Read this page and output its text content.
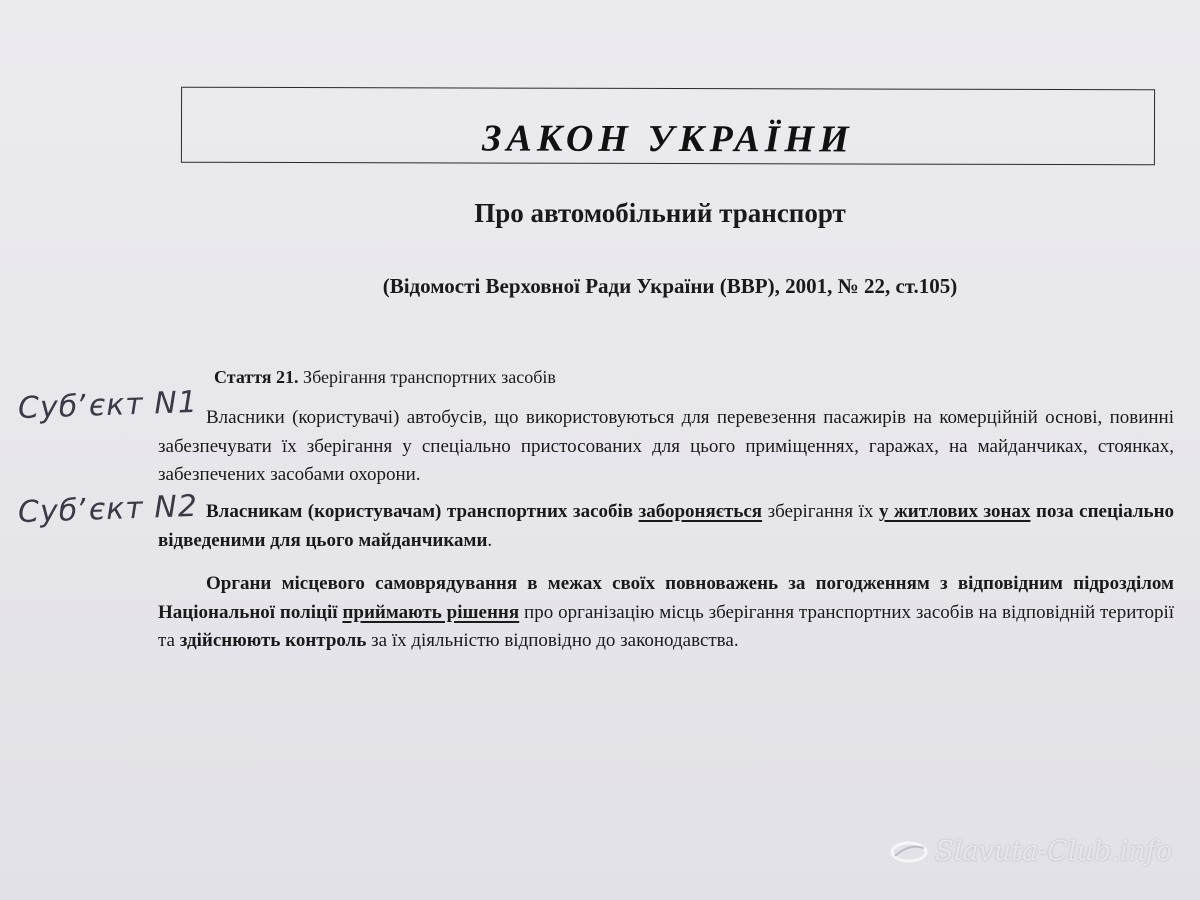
ЗАКОН УКРАЇНИ
Про автомобільний транспорт
(Відомості Верховної Ради України (ВВР), 2001, № 22, ст.105)
Стаття 21. Зберігання транспортних засобів

Власники (користувачі) автобусів, що використовуються для перевезення пасажирів на комерційній основі, повинні забезпечувати їх зберігання у спеціально пристосованих для цього приміщеннях, гаражах, на майданчиках, стоянках, забезпечених засобами охорони.

Власникам (користувачам) транспортних засобів забороняється зберігання їх у житлових зонах поза спеціально відведеними для цього майданчиками.

Органи місцевого самоврядування в межах своїх повноважень за погодженням з відповідним підрозділом Національної поліції приймають рішення про організацію місць зберігання транспортних засобів на відповідній території та здійснюють контроль за їх діяльністю відповідно до законодавства.

Субʼєкт N1
Субʼєкт N2
Slavuta-Club.info
